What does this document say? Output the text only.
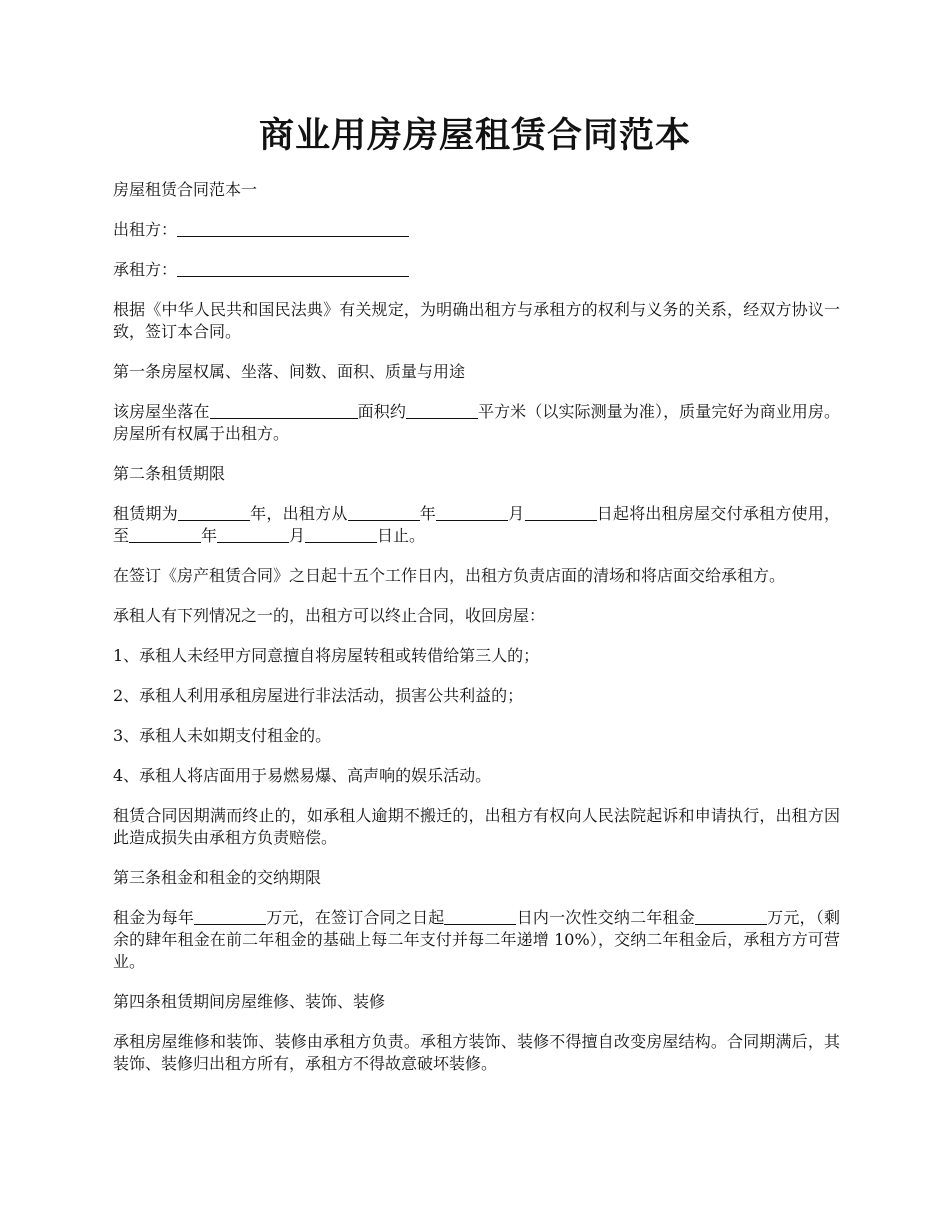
商业用房房屋租赁合同范本

房屋租赁合同范本一

出租方：

承租方：

根据《中华人民共和国民法典》有关规定，为明确出租方与承租方的权利与义务的关系，经双方协议一致，签订本合同。

第一条房屋权属、坐落、间数、面积、质量与用途

该房屋坐落在	面积约	平方米（以实际测量为准），质量完好为商业用房。房屋所有权属于出租方。

第二条租赁期限

租赁期为	年，出租方从	年	月	日起将出租房屋交付承租方使用，至	年	月	日止。

在签订《房产租赁合同》之日起十五个工作日内，出租方负责店面的清场和将店面交给承租方。

承租人有下列情况之一的，出租方可以终止合同，收回房屋：

1、承租人未经甲方同意擅自将房屋转租或转借给第三人的；

2、承租人利用承租房屋进行非法活动，损害公共利益的；

3、承租人未如期支付租金的。

4、承租人将店面用于易燃易爆、高声响的娱乐活动。

租赁合同因期满而终止的，如承租人逾期不搬迁的，出租方有权向人民法院起诉和申请执行，出租方因此造成损失由承租方负责赔偿。

第三条租金和租金的交纳期限

租金为每年	万元，在签订合同之日起	日内一次性交纳二年租金	万元，（剩余的肆年租金在前二年租金的基础上每二年支付并每二年递增 10%），交纳二年租金后，承租方方可营业。

第四条租赁期间房屋维修、装饰、装修

承租房屋维修和装饰、装修由承租方负责。承租方装饰、装修不得擅自改变房屋结构。合同期满后，其装饰、装修归出租方所有，承租方不得故意破坏装修。
